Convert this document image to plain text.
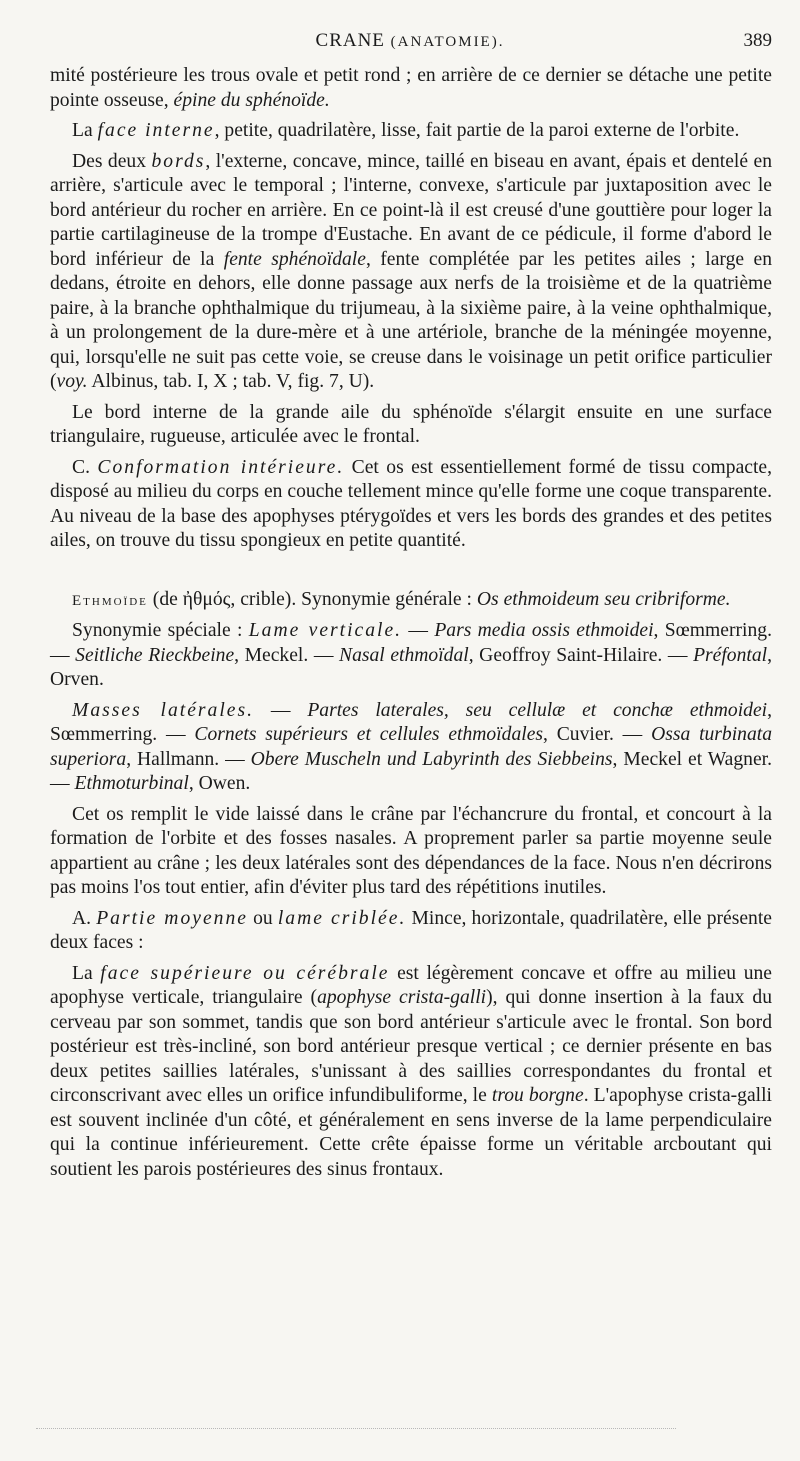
CRANE (ANATOMIE).	389

mité postérieure les trous ovale et petit rond ; en arrière de ce dernier se détache une petite pointe osseuse, épine du sphénoïde.

La face interne, petite, quadrilatère, lisse, fait partie de la paroi externe de l'orbite.

Des deux bords, l'externe, concave, mince, taillé en biseau en avant, épais et dentelé en arrière, s'articule avec le temporal ; l'interne, convexe, s'articule par juxtaposition avec le bord antérieur du rocher en arrière. En ce point-là il est creusé d'une gouttière pour loger la partie cartilagineuse de la trompe d'Eustache. En avant de ce pédicule, il forme d'abord le bord inférieur de la fente sphénoïdale, fente complétée par les petites ailes ; large en dedans, étroite en dehors, elle donne passage aux nerfs de la troisième et de la quatrième paire, à la branche ophthalmique du trijumeau, à la sixième paire, à la veine ophthalmique, à un prolongement de la dure-mère et à une artériole, branche de la méningée moyenne, qui, lorsqu'elle ne suit pas cette voie, se creuse dans le voisinage un petit orifice particulier (voy. Albinus, tab. I, X ; tab. V, fig. 7, U).

Le bord interne de la grande aile du sphénoïde s'élargit ensuite en une surface triangulaire, rugueuse, articulée avec le frontal.

C. Conformation intérieure. Cet os est essentiellement formé de tissu compacte, disposé au milieu du corps en couche tellement mince qu'elle forme une coque transparente. Au niveau de la base des apophyses ptérygoïdes et vers les bords des grandes et des petites ailes, on trouve du tissu spongieux en petite quantité.

Ethmoïde (de ἠθμός, crible). Synonymie générale : Os ethmoideum seu cribriforme.

Synonymie spéciale : Lame verticale. — Pars media ossis ethmoidei, Sœmmerring. — Seitliche Rieckbeine, Meckel. — Nasal ethmoïdal, Geoffroy Saint-Hilaire. — Préfontal, Orven.

Masses latérales. — Partes laterales, seu cellulæ et conchæ ethmoidei, Sœmmerring. — Cornets supérieurs et cellules ethmoïdales, Cuvier. — Ossa turbinata superiora, Hallmann. — Obere Muscheln und Labyrinth des Siebbeins, Meckel et Wagner. — Ethmoturbinal, Owen.

Cet os remplit le vide laissé dans le crâne par l'échancrure du frontal, et concourt à la formation de l'orbite et des fosses nasales. A proprement parler sa partie moyenne seule appartient au crâne ; les deux latérales sont des dépendances de la face. Nous n'en décrirons pas moins l'os tout entier, afin d'éviter plus tard des répétitions inutiles.

A. Partie moyenne ou lame criblée. Mince, horizontale, quadrilatère, elle présente deux faces :

La face supérieure ou cérébrale est légèrement concave et offre au milieu une apophyse verticale, triangulaire (apophyse crista-galli), qui donne insertion à la faux du cerveau par son sommet, tandis que son bord antérieur s'articule avec le frontal. Son bord postérieur est très-incliné, son bord antérieur presque vertical ; ce dernier présente en bas deux petites saillies latérales, s'unissant à des saillies correspondantes du frontal et circonscrivant avec elles un orifice infundibuliforme, le trou borgne. L'apophyse crista-galli est souvent inclinée d'un côté, et généralement en sens inverse de la lame perpendiculaire qui la continue inférieurement. Cette crête épaisse forme un véritable arcboutant qui soutient les parois postérieures des sinus frontaux.
